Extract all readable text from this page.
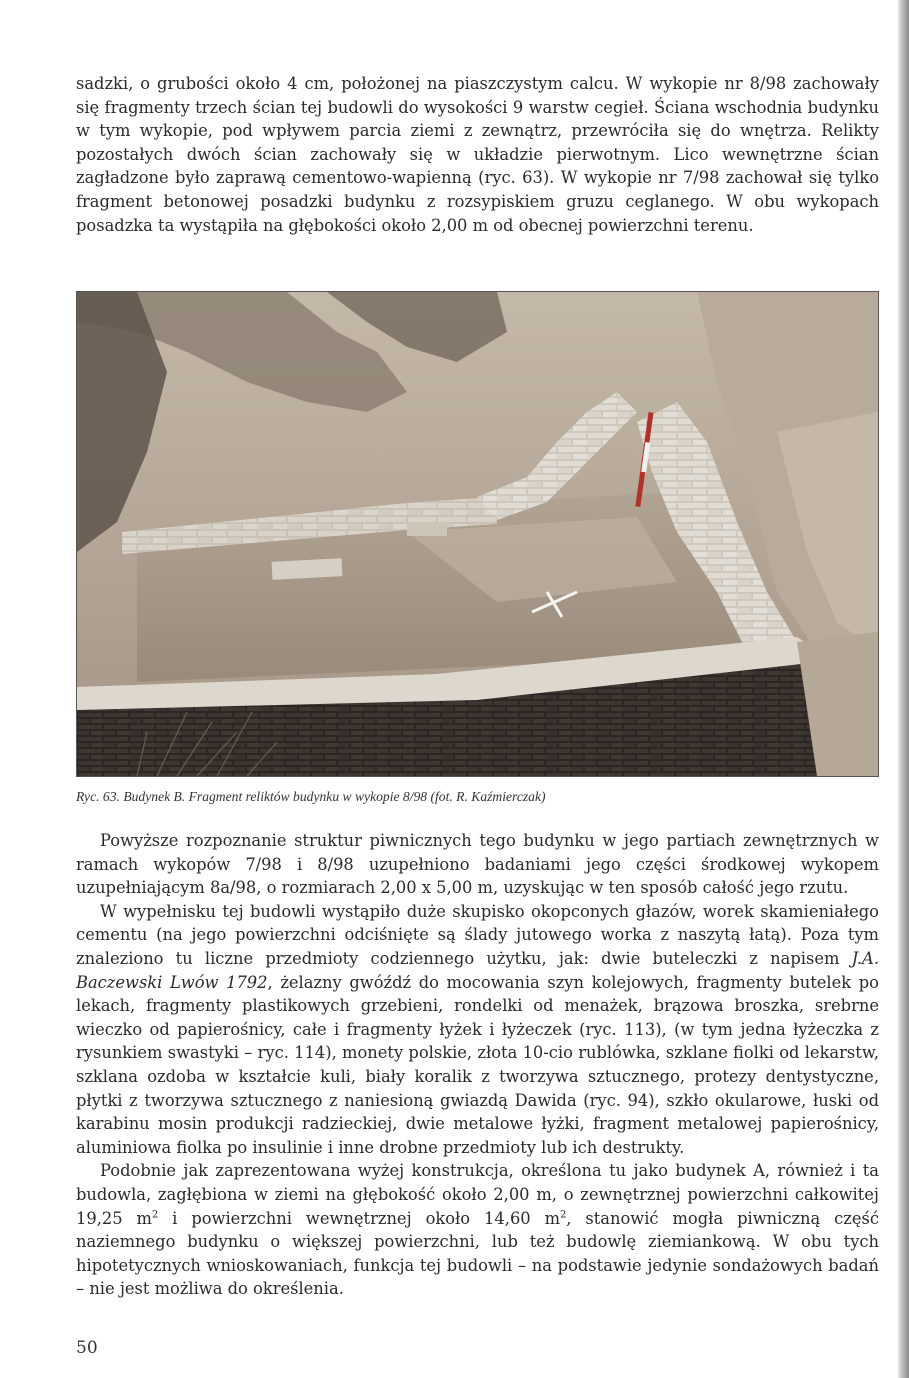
sadzki, o grubości około 4 cm, położonej na piaszczystym calcu. W wykopie nr 8/98 zachowały się fragmenty trzech ścian tej budowli do wysokości 9 warstw cegieł. Ściana wschodnia budynku w tym wykopie, pod wpływem parcia ziemi z zewnątrz, przewróciła się do wnętrza. Relikty pozostałych dwóch ścian zachowały się w układzie pierwotnym. Lico wewnętrzne ścian zagładzone było zaprawą cementowo-wapienną (ryc. 63). W wykopie nr 7/98 zachował się tylko fragment betonowej posadzki budynku z rozsypiskiem gruzu ceglanego. W obu wykopach posadzka ta wystąpiła na głębokości około 2,00 m od obecnej powierzchni terenu.

Ryc. 63. Budynek B. Fragment reliktów budynku w wykopie 8/98 (fot. R. Kaźmierczak)

Powyższe rozpoznanie struktur piwnicznych tego budynku w jego partiach zewnętrznych w ramach wykopów 7/98 i 8/98 uzupełniono badaniami jego części środkowej wykopem uzupełniającym 8a/98, o rozmiarach 2,00 x 5,00 m, uzyskując w ten sposób całość jego rzutu.

W wypełnisku tej budowli wystąpiło duże skupisko okopconych głazów, worek skamieniałego cementu (na jego powierzchni odciśnięte są ślady jutowego worka z naszytą łatą). Poza tym znaleziono tu liczne przedmioty codziennego użytku, jak: dwie buteleczki z napisem J.A. Baczewski Lwów 1792, żelazny gwóźdź do mocowania szyn kolejowych, fragmenty butelek po lekach, fragmenty plastikowych grzebieni, rondelki od menażek, brązowa broszka, srebrne wieczko od papierośnicy, całe i fragmenty łyżek i łyżeczek (ryc. 113), (w tym jedna łyżeczka z rysunkiem swastyki – ryc. 114), monety polskie, złota 10-cio rublówka, szklane fiolki od lekarstw, szklana ozdoba w kształcie kuli, biały koralik z tworzywa sztucznego, protezy dentystyczne, płytki z tworzywa sztucznego z naniesioną gwiazdą Dawida (ryc. 94), szkło okularowe, łuski od karabinu mosin produkcji radzieckiej, dwie metalowe łyżki, fragment metalowej papierośnicy, aluminiowa fiolka po insulinie i inne drobne przedmioty lub ich destrukty.

Podobnie jak zaprezentowana wyżej konstrukcja, określona tu jako budynek A, również i ta budowla, zagłębiona w ziemi na głębokość około 2,00 m, o zewnętrznej powierzchni całkowitej 19,25 $m^2$ i powierzchni wewnętrznej około 14,60 $m^2$, stanowić mogła piwniczną część naziemnego budynku o większej powierzchni, lub też budowlę ziemiankową. W obu tych hipotetycznych wnioskowaniach, funkcja tej budowli – na podstawie jedynie sondażowych badań – nie jest możliwa do określenia.

50
